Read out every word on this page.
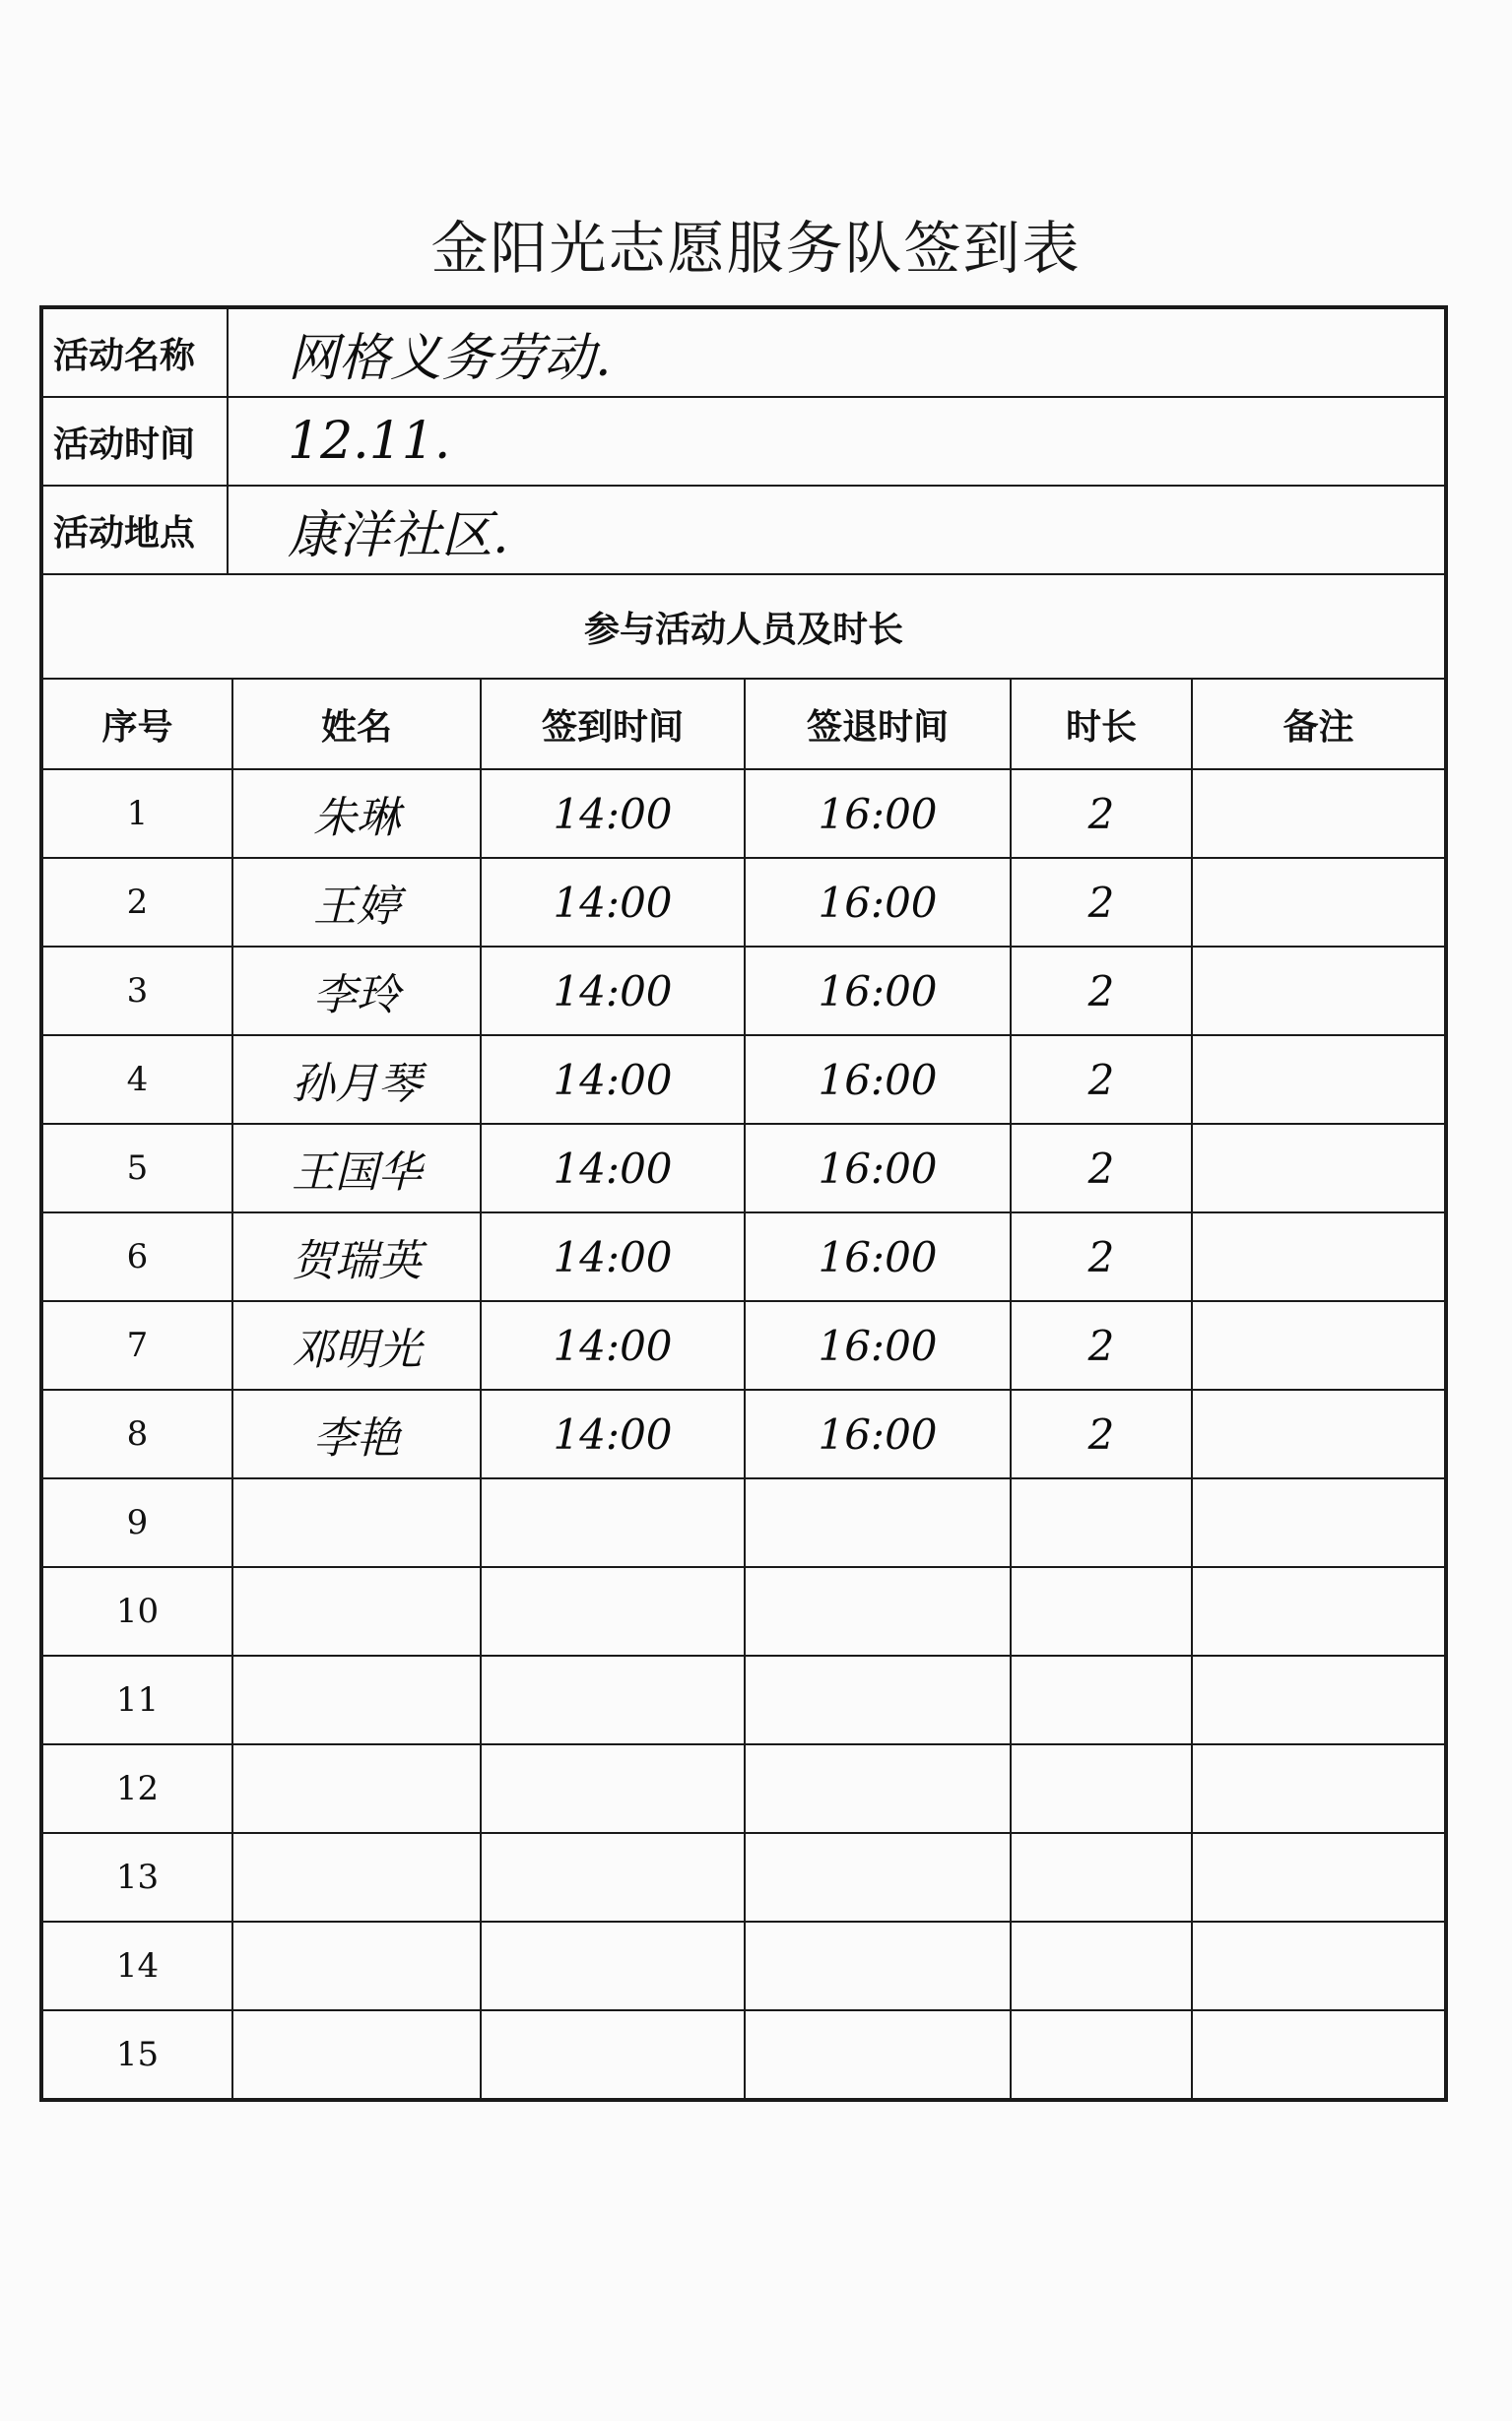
金阳光志愿服务队签到表
活动名称	网格义务劳动.
活动时间	12.11.
活动地点	康洋社区.
参与活动人员及时长
序号	姓名	签到时间	签退时间	时长	备注
1	朱琳	14:00	16:00	2	
2	王婷	14:00	16:00	2	
3	李玲	14:00	16:00	2	
4	孙月琴	14:00	16:00	2	
5	王国华	14:00	16:00	2	
6	贺瑞英	14:00	16:00	2	
7	邓明光	14:00	16:00	2	
8	李艳	14:00	16:00	2	
9					
10					
11					
12					
13					
14					
15					
